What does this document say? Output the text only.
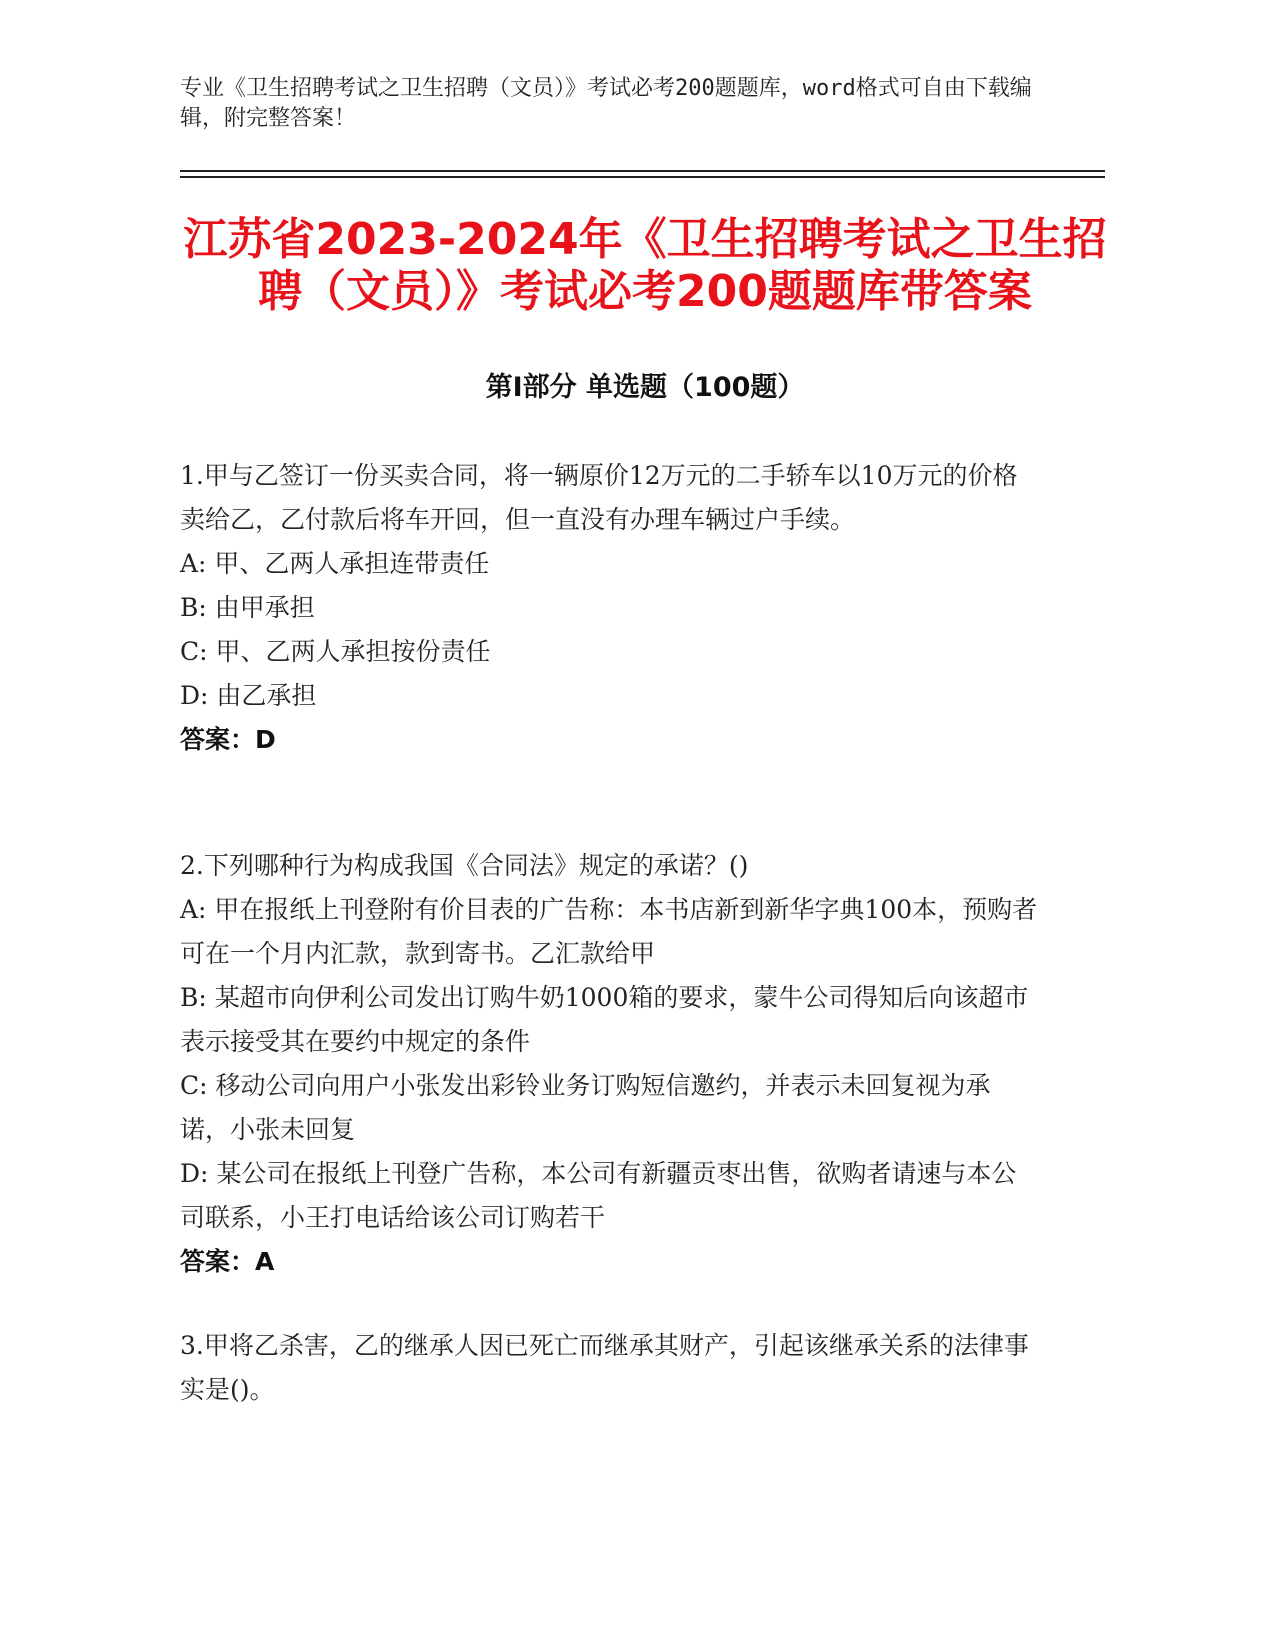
专业《卫生招聘考试之卫生招聘（文员）》考试必考200题题库，word格式可自由下载编辑，附完整答案！
江苏省2023-2024年《卫生招聘考试之卫生招聘（文员）》考试必考200题题库带答案
第Ⅰ部分 单选题（100题）

1.甲与乙签订一份买卖合同，将一辆原价12万元的二手轿车以10万元的价格卖给乙，乙付款后将车开回，但一直没有办理车辆过户手续。

A: 甲、乙两人承担连带责任

B: 由甲承担

C: 甲、乙两人承担按份责任

D: 由乙承担

答案：D

2.下列哪种行为构成我国《合同法》规定的承诺？()

A: 甲在报纸上刊登附有价目表的广告称：本书店新到新华字典100本，预购者可在一个月内汇款，款到寄书。乙汇款给甲

B: 某超市向伊利公司发出订购牛奶1000箱的要求，蒙牛公司得知后向该超市表示接受其在要约中规定的条件

C: 移动公司向用户小张发出彩铃业务订购短信邀约，并表示未回复视为承诺，小张未回复

D: 某公司在报纸上刊登广告称，本公司有新疆贡枣出售，欲购者请速与本公司联系，小王打电话给该公司订购若干

答案：A

3.甲将乙杀害，乙的继承人因已死亡而继承其财产，引起该继承关系的法律事实是()。
